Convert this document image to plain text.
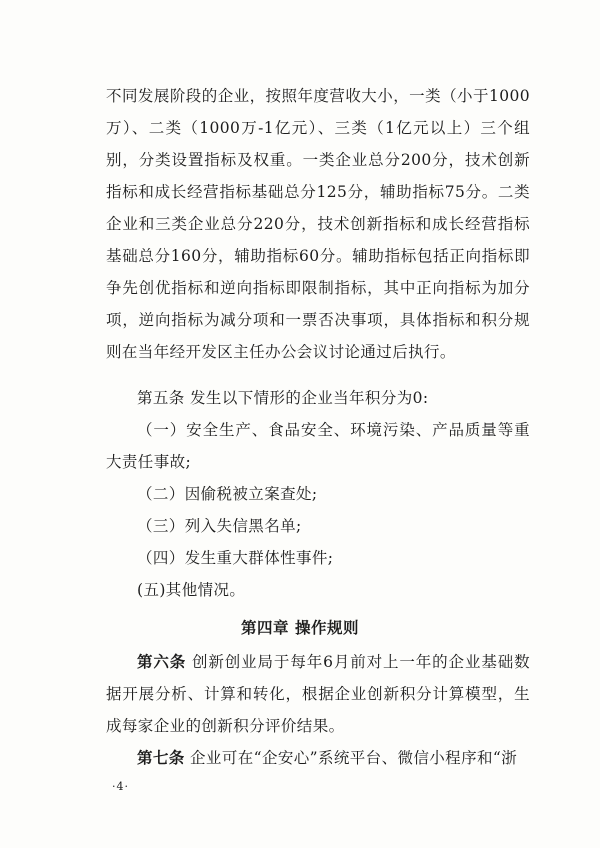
不同发展阶段的企业，按照年度营收大小，一类（小于1000万）、二类（1000万-1亿元）、三类（1亿元以上）三个组别，分类设置指标及权重。一类企业总分200分，技术创新指标和成长经营指标基础总分125分，辅助指标75分。二类企业和三类企业总分220分，技术创新指标和成长经营指标基础总分160分，辅助指标60分。辅助指标包括正向指标即争先创优指标和逆向指标即限制指标，其中正向指标为加分项，逆向指标为减分项和一票否决事项，具体指标和积分规则在当年经开发区主任办公会议讨论通过后执行。

第五条 发生以下情形的企业当年积分为0:

（一）安全生产、食品安全、环境污染、产品质量等重大责任事故;

（二）因偷税被立案查处;

（三）列入失信黑名单;

（四）发生重大群体性事件;

(五)其他情况。

第四章 操作规则

第六条 创新创业局于每年6月前对上一年的企业基础数据开展分析、计算和转化，根据企业创新积分计算模型，生成每家企业的创新积分评价结果。

第七条 企业可在“企安心”系统平台、微信小程序和“浙

·4·
